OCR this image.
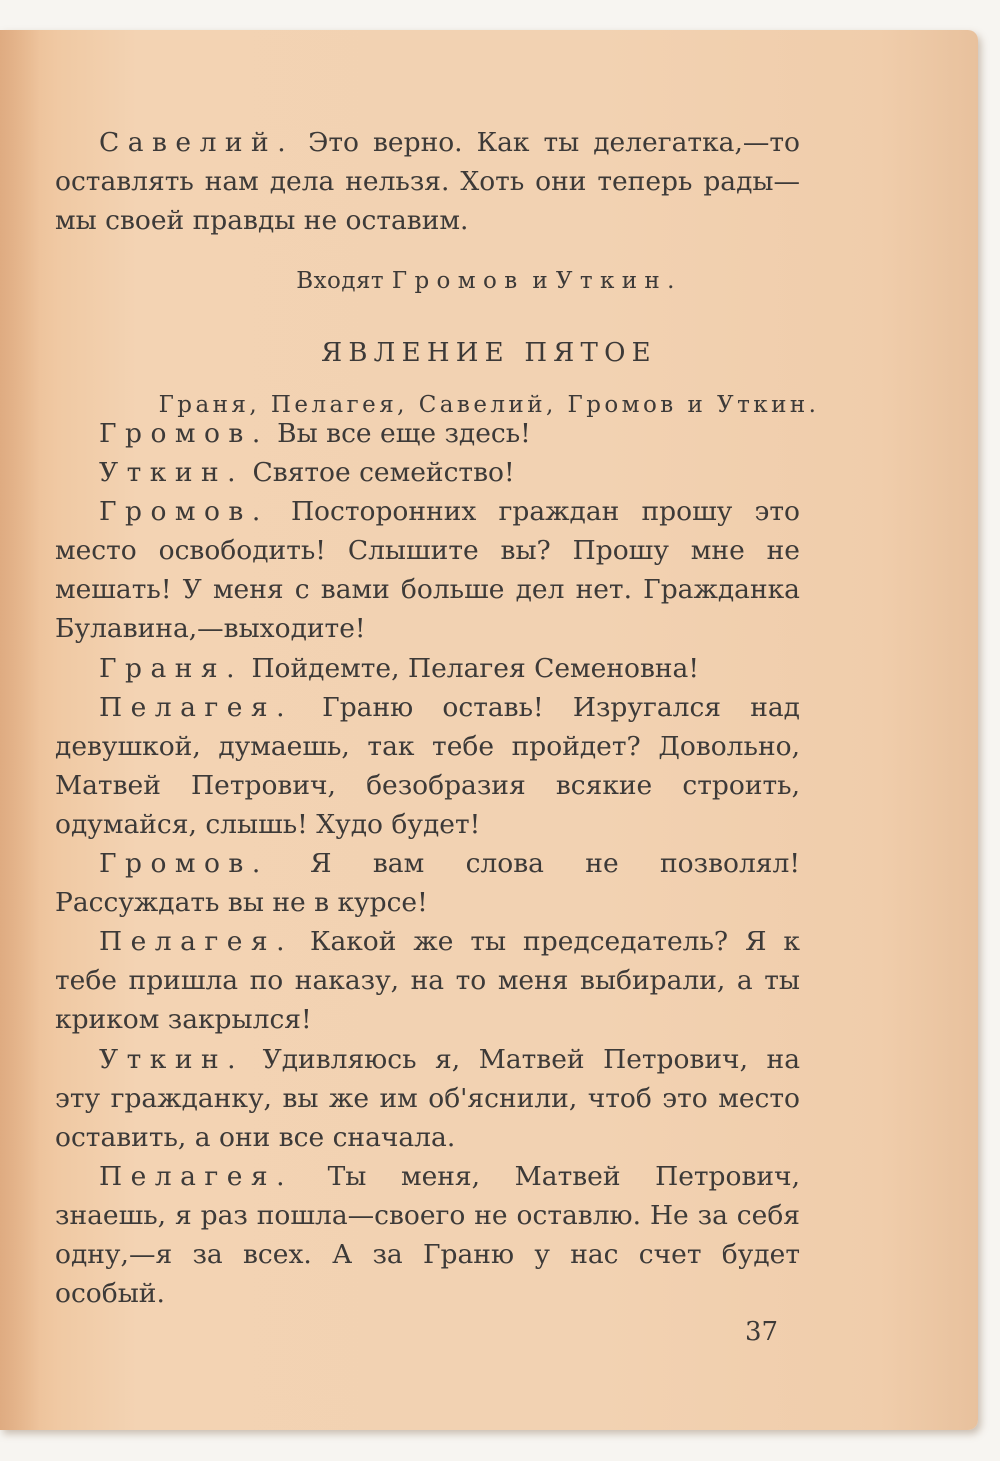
Савелий. Это верно. Как ты делегатка,—то оставлять нам дела нельзя. Хоть они теперь рады—мы своей правды не оставим.

Входят Громов и Уткин.
ЯВЛЕНИЕ ПЯТОЕ
Граня, Пелагея, Савелий, Громов и Уткин.

Громов. Вы все еще здесь!

Уткин. Святое семейство!

Громов. Посторонних граждан прошу это место освободить! Слышите вы? Прошу мне не мешать! У меня с вами больше дел нет. Гражданка Булавина,—выходите!

Граня. Пойдемте, Пелагея Семеновна!

Пелагея. Граню оставь! Изругался над девушкой, думаешь, так тебе пройдет? Довольно, Матвей Петрович, безобразия всякие строить, одумайся, слышь! Худо будет!

Громов. Я вам слова не позволял! Рассуждать вы не в курсе!

Пелагея. Какой же ты председатель? Я к тебе пришла по наказу, на то меня выбирали, а ты криком закрылся!

Уткин. Удивляюсь я, Матвей Петрович, на эту гражданку, вы же им об'яснили, чтоб это место оставить, а они все сначала.

Пелагея. Ты меня, Матвей Петрович, знаешь, я раз пошла—своего не оставлю. Не за себя одну,—я за всех. А за Граню у нас счет будет особый.

37
